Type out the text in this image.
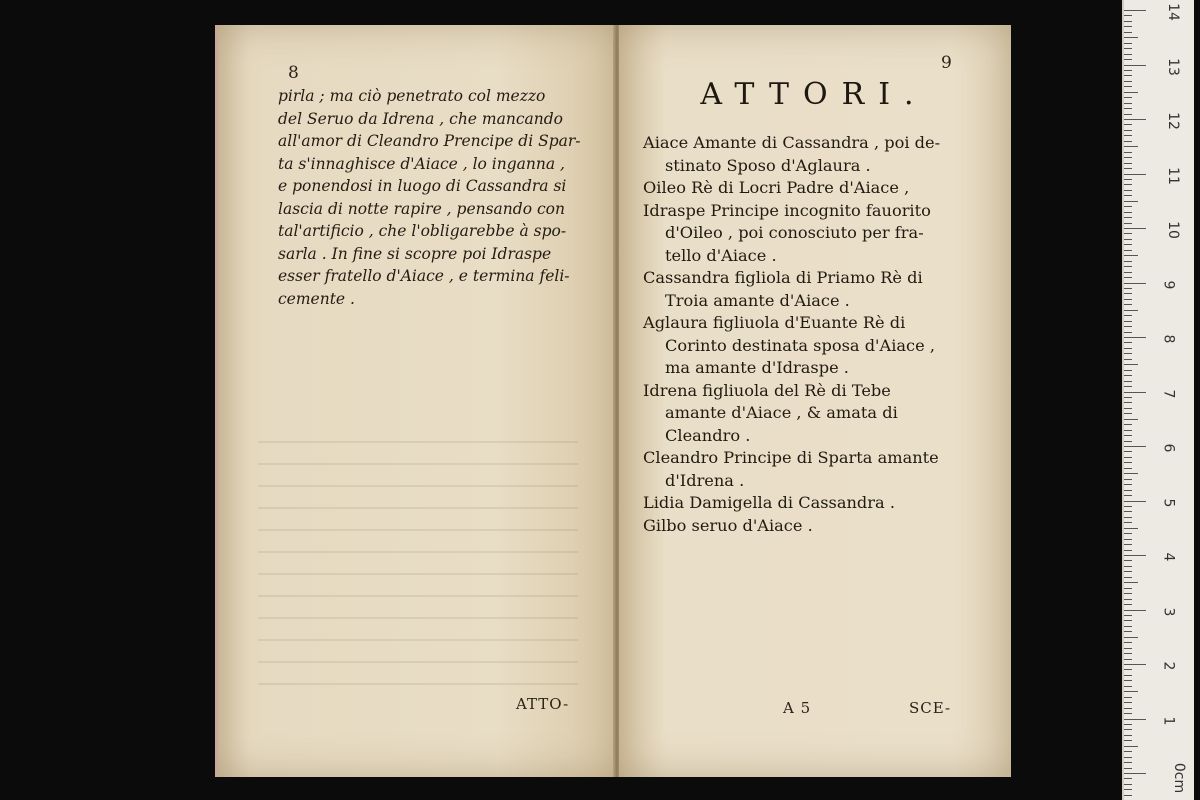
8
pirla ; ma ciò penetrato col mezzo
del Seruo da Idrena , che mancando
all'amor di Cleandro Prencipe di Spar-
ta s'innaghisce d'Aiace , lo inganna ,
e ponendosi in luogo di Cassandra si
lascia di notte rapire , pensando con
tal'artificio , che l'obligarebbe à spo-
sarla . In fine si scopre poi Idraspe
esser fratello d'Aiace , e termina feli-
cemente .
ATTO-
9
ATTORI.
Aiace Amante di Cassandra , poi de-
stinato Sposo d'Aglaura .
Oileo Rè di Locri Padre d'Aiace ,
Idraspe Principe incognito fauorito
d'Oileo , poi conosciuto per fra-
tello d'Aiace .
Cassandra figliola di Priamo Rè di
Troia amante d'Aiace .
Aglaura figliuola d'Euante Rè di
Corinto destinata sposa d'Aiace ,
ma amante d'Idraspe .
Idrena figliuola del Rè di Tebe
amante d'Aiace , & amata di
Cleandro .
Cleandro Principe di Sparta amante
d'Idrena .
Lidia Damigella di Cassandra .
Gilbo seruo d'Aiace .
A 5	SCE-
14
13
12
11
10
9
8
7
6
5
4
3
2
1
0cm
